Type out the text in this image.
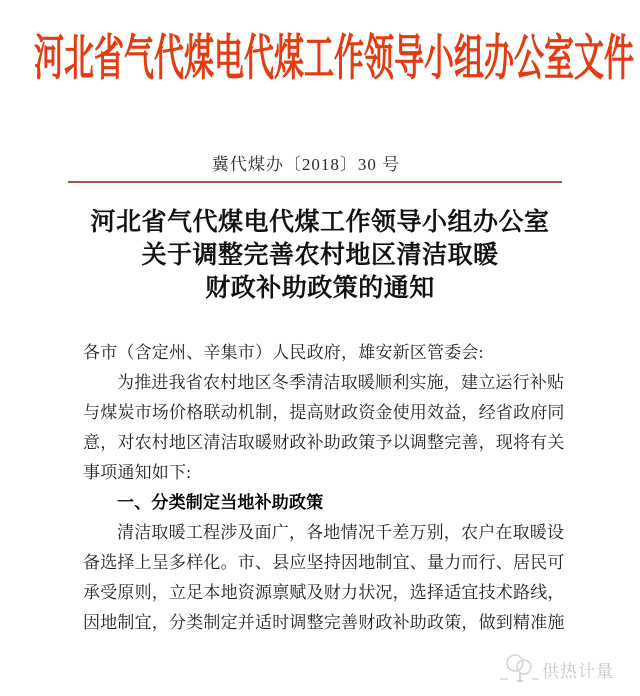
河北省气代煤电代煤工作领导小组办公室文件
冀代煤办〔2018〕30 号
河北省气代煤电代煤工作领导小组办公室
关于调整完善农村地区清洁取暖
财政补助政策的通知
各市（含定州、辛集市）人民政府，雄安新区管委会:
为推进我省农村地区冬季清洁取暖顺利实施，建立运行补贴
与煤炭市场价格联动机制，提高财政资金使用效益，经省政府同
意，对农村地区清洁取暖财政补助政策予以调整完善，现将有关
事项通知如下:
一、分类制定当地补助政策
清洁取暖工程涉及面广，各地情况千差万别，农户在取暖设
备选择上呈多样化。市、县应坚持因地制宜、量力而行、居民可
承受原则，立足本地资源禀赋及财力状况，选择适宜技术路线，
因地制宜，分类制定并适时调整完善财政补助政策，做到精准施
供热计量
